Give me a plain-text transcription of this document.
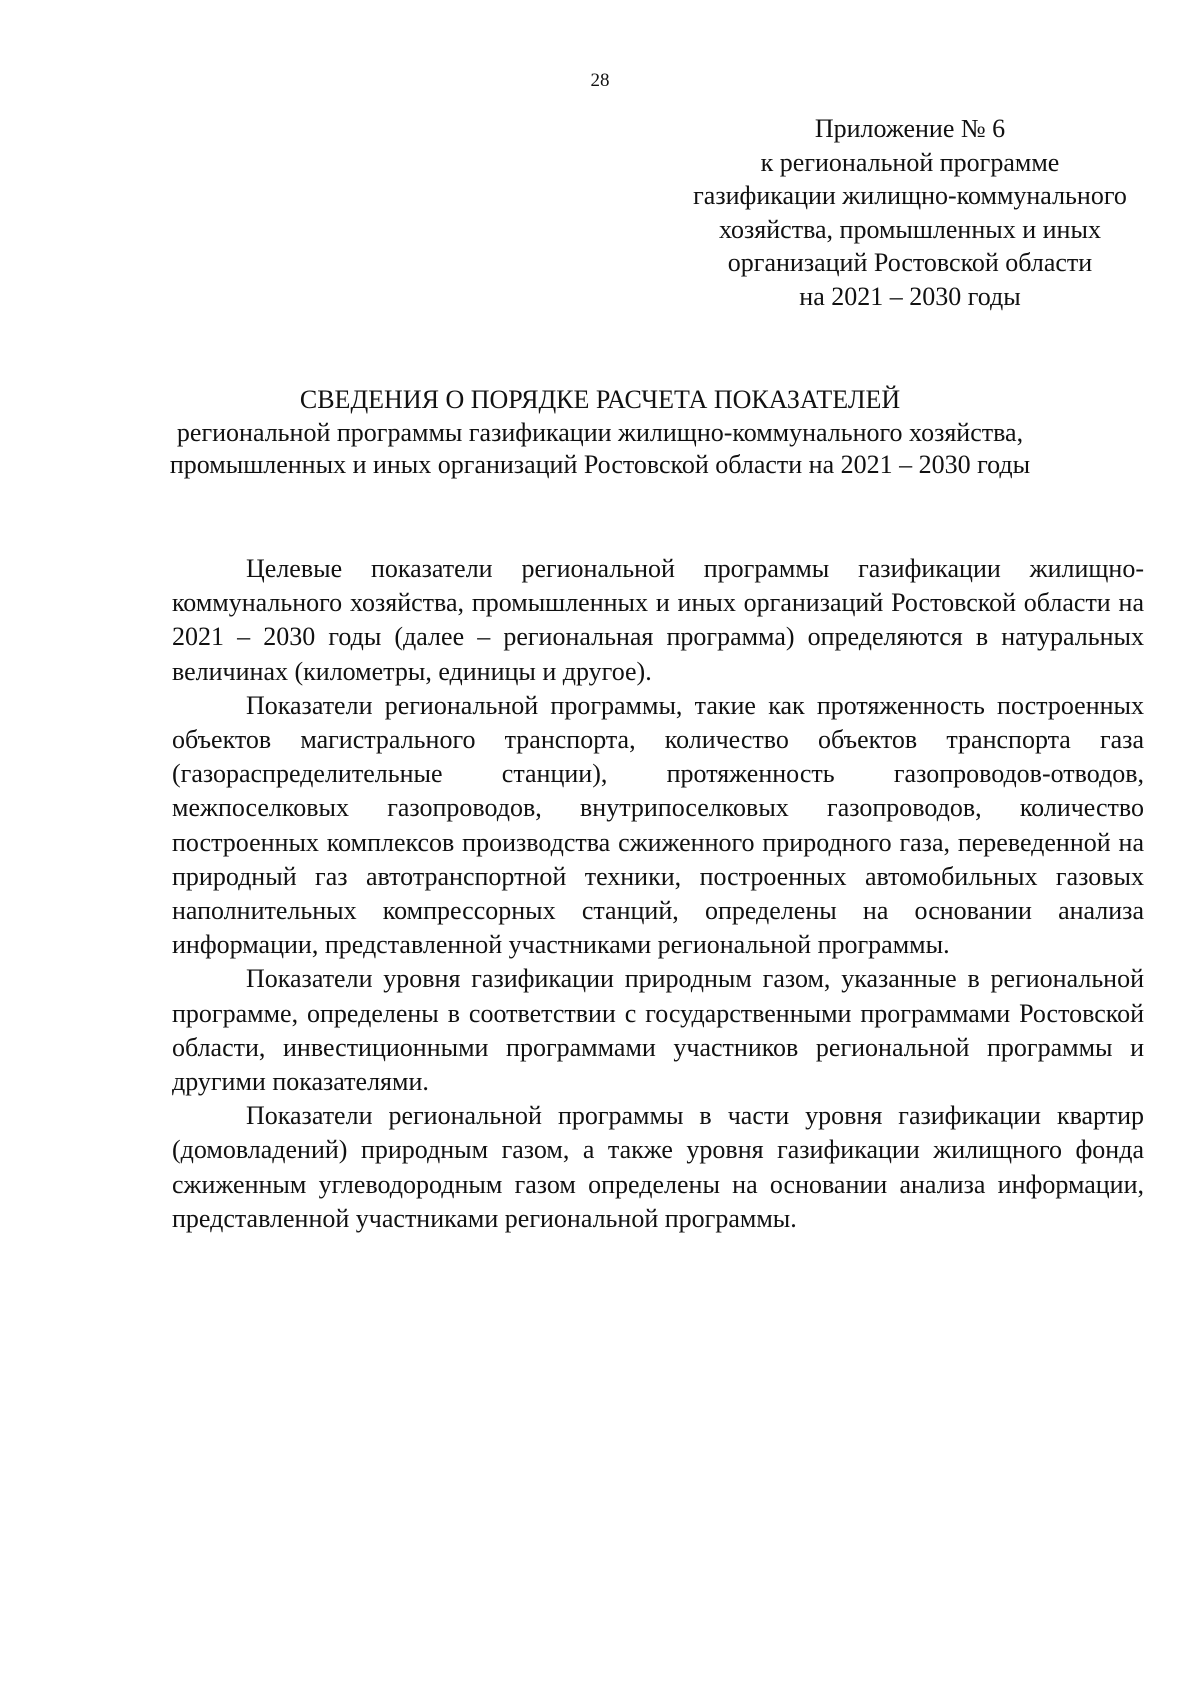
28
Приложение № 6
к региональной программе
газификации жилищно-коммунального
хозяйства, промышленных и иных
организаций Ростовской области
на 2021 – 2030 годы
СВЕДЕНИЯ О ПОРЯДКЕ РАСЧЕТА ПОКАЗАТЕЛЕЙ
региональной программы газификации жилищно-коммунального хозяйства,
промышленных и иных организаций Ростовской области на 2021 – 2030 годы

Целевые показатели региональной программы газификации жилищно-коммунального хозяйства, промышленных и иных организаций Ростовской области на 2021 – 2030 годы (далее – региональная программа) определяются в натуральных величинах (километры, единицы и другое).

Показатели региональной программы, такие как протяженность построенных объектов магистрального транспорта, количество объектов транспорта газа (газораспределительные станции), протяженность газопроводов-отводов, межпоселковых газопроводов, внутрипоселковых газопроводов, количество построенных комплексов производства сжиженного природного газа, переведенной на природный газ автотранспортной техники, построенных автомобильных газовых наполнительных компрессорных станций, определены на основании анализа информации, представленной участниками региональной программы.

Показатели уровня газификации природным газом, указанные в региональной программе, определены в соответствии с государственными программами Ростовской области, инвестиционными программами участников региональной программы и другими показателями.

Показатели региональной программы в части уровня газификации квартир (домовладений) природным газом, а также уровня газификации жилищного фонда сжиженным углеводородным газом определены на основании анализа информации, представленной участниками региональной программы.
